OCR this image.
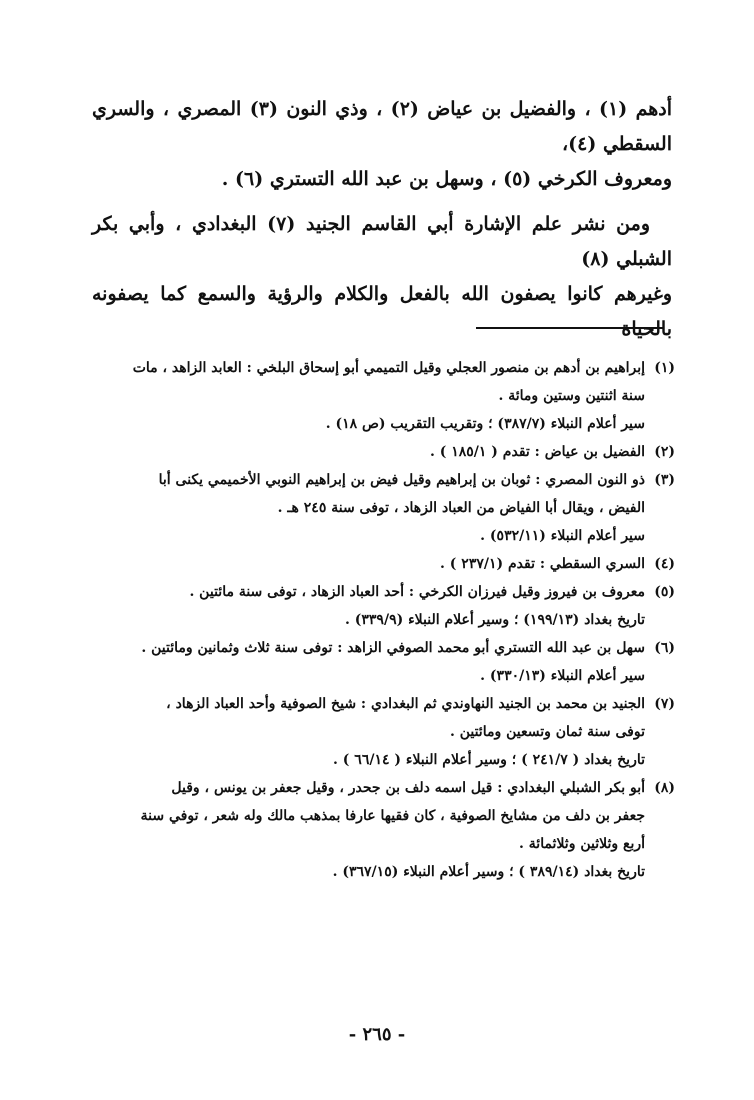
أدهم (١) ، والفضيل بن عياض (٢) ، وذي النون (٣) المصري ، والسري السقطي (٤)،
ومعروف الكرخي (٥) ، وسهل بن عبد الله التستري (٦) .

ومن نشر علم الإشارة أبي القاسم الجنيد (٧) البغدادي ، وأبي بكر الشبلي (٨)
وغيرهم كانوا يصفون الله بالفعل والكلام والرؤية والسمع كما يصفونه بالحياة

(١)إبراهيم بن أدهم بن منصور العجلي وقيل التميمي أبو إسحاق البلخي : العابد الزاهد ، مات
سنة اثنتين وستين ومائة .
سير أعلام النبلاء (٣٨٧/٧) ؛ وتقريب التقريب (ص ١٨) .
(٢)الفضيل بن عياض : تقدم ( ١٨٥/١ ) .
(٣)ذو النون المصري : ثوبان بن إبراهيم وقيل فيض بن إبراهيم النوبي الأخميمي يكنى أبا
الفيض ، ويقال أبا الفياض من العباد الزهاد ، توفى سنة ٢٤٥ هـ .
سير أعلام النبلاء (٥٣٢/١١) .
(٤)السري السقطي : تقدم (٢٣٧/١ ) .
(٥)معروف بن فيروز وقيل فيرزان الكرخي : أحد العباد الزهاد ، توفى سنة مائتين .
تاريخ بغداد (١٩٩/١٣) ؛ وسير أعلام النبلاء (٣٣٩/٩) .
(٦)سهل بن عبد الله التستري أبو محمد الصوفي الزاهد : توفى سنة ثلاث وثمانين ومائتين .
سير أعلام النبلاء (٣٣٠/١٣) .
(٧)الجنيد بن محمد بن الجنيد النهاوندي ثم البغدادي : شيخ الصوفية وأحد العباد الزهاد ،
توفى سنة ثمان وتسعين ومائتين .
تاريخ بغداد ( ٢٤١/٧ ) ؛ وسير أعلام النبلاء ( ٦٦/١٤ ) .
(٨)أبو بكر الشبلي البغدادي : قيل اسمه دلف بن جحدر ، وقيل جعفر بن يونس ، وقيل
جعفر بن دلف من مشايخ الصوفية ، كان فقيها عارفا بمذهب مالك وله شعر ، توفي سنة
أربع وثلاثين وثلاثمائة .
تاريخ بغداد (٣٨٩/١٤ ) ؛ وسير أعلام النبلاء (٣٦٧/١٥) .
- ٢٦٥ -
